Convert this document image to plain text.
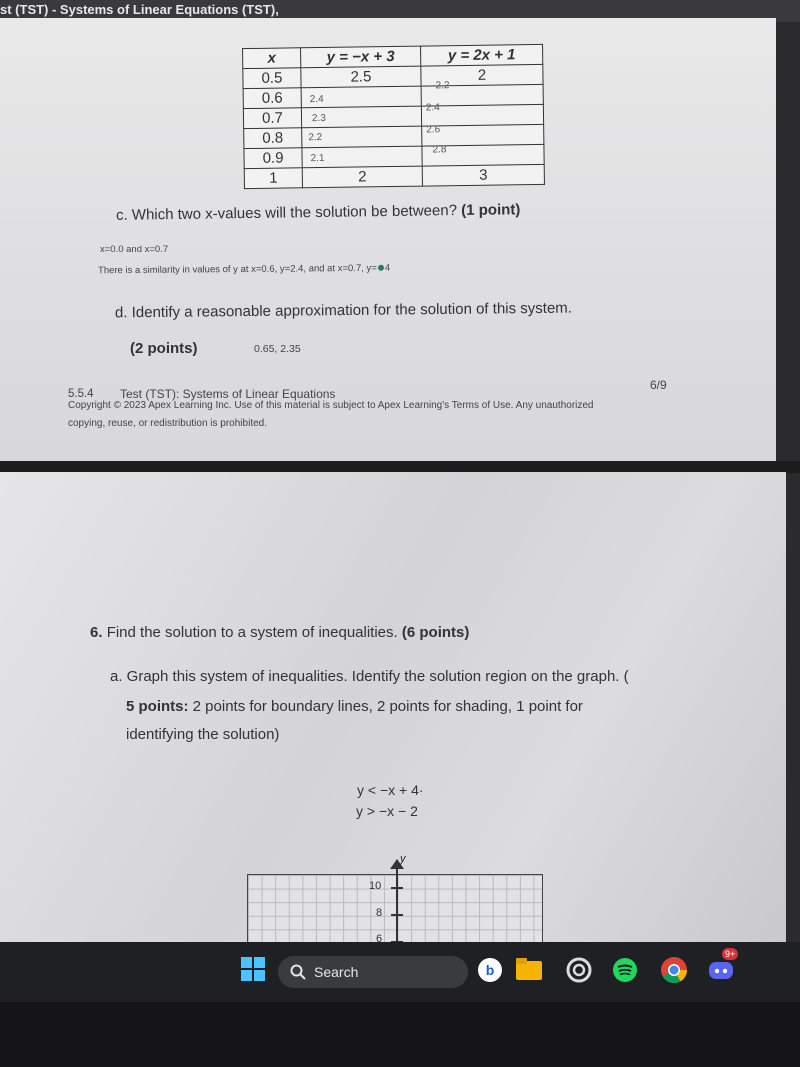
st (TST) - Systems of Linear Equations (TST),
x	y = −x + 3	y = 2x + 1
0.5	2.5	2
0.6	2.4	2.2

0.7	2.3	2.4

0.8	2.2	2.6

0.9	2.1	2.8

1	2	3
c. Which two x-values will the solution be between? (1 point)
x=0.0 and x=0.7
There is a similarity in values of y at x=0.6, y=2.4, and at x=0.7, y= 4
d. Identify a reasonable approximation for the solution of this system.
(2 points)	0.65, 2.35
5.5.4 Test (TST): Systems of Linear Equations
6/9
Copyright © 2023 Apex Learning Inc. Use of this material is subject to Apex Learning's Terms of Use. Any unauthorized
copying, reuse, or redistribution is prohibited.
6. Find the solution to a system of inequalities. (6 points)
a. Graph this system of inequalities. Identify the solution region on the graph. (
5 points: 2 points for boundary lines, 2 points for shading, 1 point for
identifying the solution)
y < −x + 4·
y > −x − 2
y
10
8
6
Search	b
9+
